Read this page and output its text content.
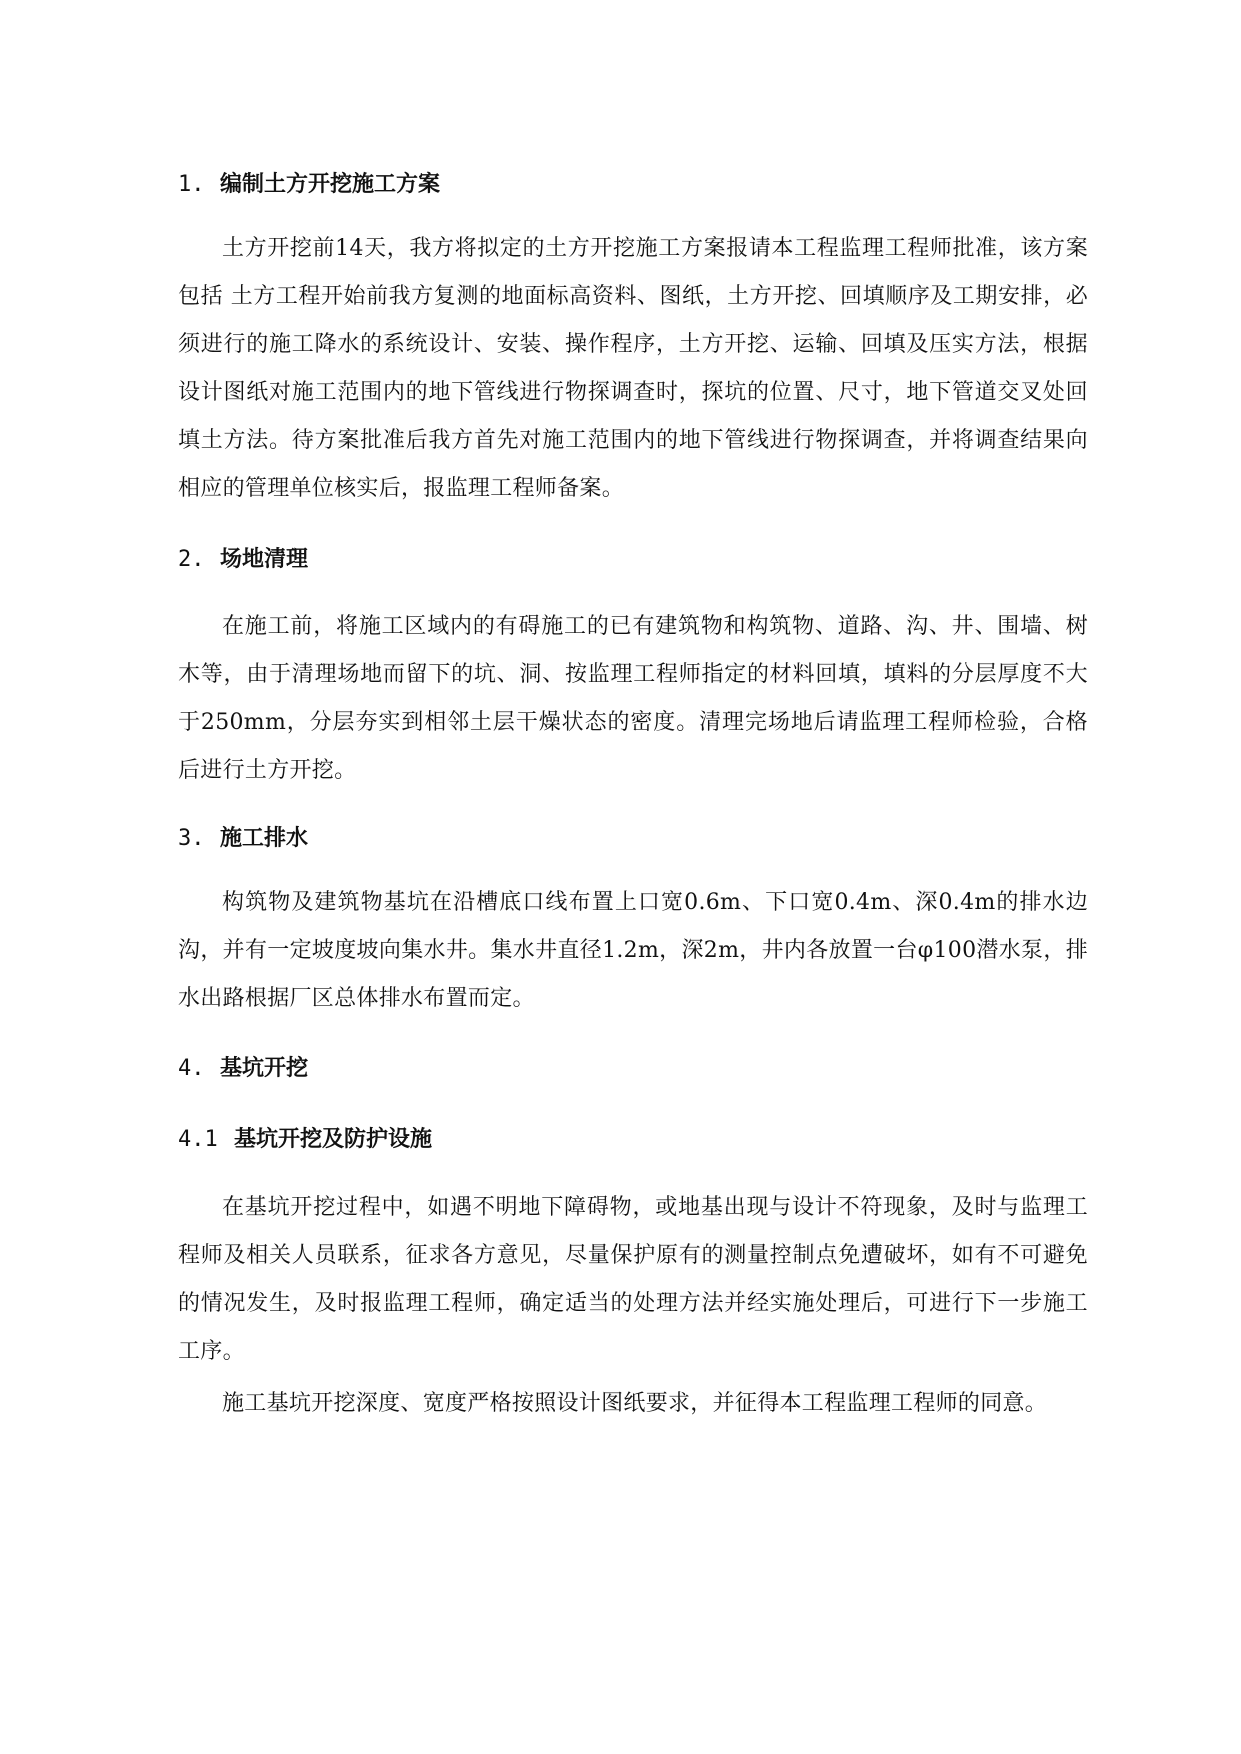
1. 编制土方开挖施工方案
土方开挖前14天，我方将拟定的土方开挖施工方案报请本工程监理工程师批准，该方案包括 土方工程开始前我方复测的地面标高资料、图纸，土方开挖、回填顺序及工期安排，必须进行的施工降水的系统设计、安装、操作程序，土方开挖、运输、回填及压实方法，根据设计图纸对施工范围内的地下管线进行物探调查时，探坑的位置、尺寸，地下管道交叉处回填土方法。待方案批准后我方首先对施工范围内的地下管线进行物探调查，并将调查结果向相应的管理单位核实后，报监理工程师备案。
2. 场地清理
在施工前，将施工区域内的有碍施工的已有建筑物和构筑物、道路、沟、井、围墙、树木等，由于清理场地而留下的坑、洞、按监理工程师指定的材料回填，填料的分层厚度不大于250mm，分层夯实到相邻土层干燥状态的密度。清理完场地后请监理工程师检验，合格后进行土方开挖。
3. 施工排水
构筑物及建筑物基坑在沿槽底口线布置上口宽0.6m、下口宽0.4m、深0.4m的排水边沟，并有一定坡度坡向集水井。集水井直径1.2m，深2m，井内各放置一台φ100潜水泵，排水出路根据厂区总体排水布置而定。
4. 基坑开挖
4.1 基坑开挖及防护设施
在基坑开挖过程中，如遇不明地下障碍物，或地基出现与设计不符现象，及时与监理工程师及相关人员联系，征求各方意见，尽量保护原有的测量控制点免遭破坏，如有不可避免的情况发生，及时报监理工程师，确定适当的处理方法并经实施处理后，可进行下一步施工工序。
施工基坑开挖深度、宽度严格按照设计图纸要求，并征得本工程监理工程师的同意。
